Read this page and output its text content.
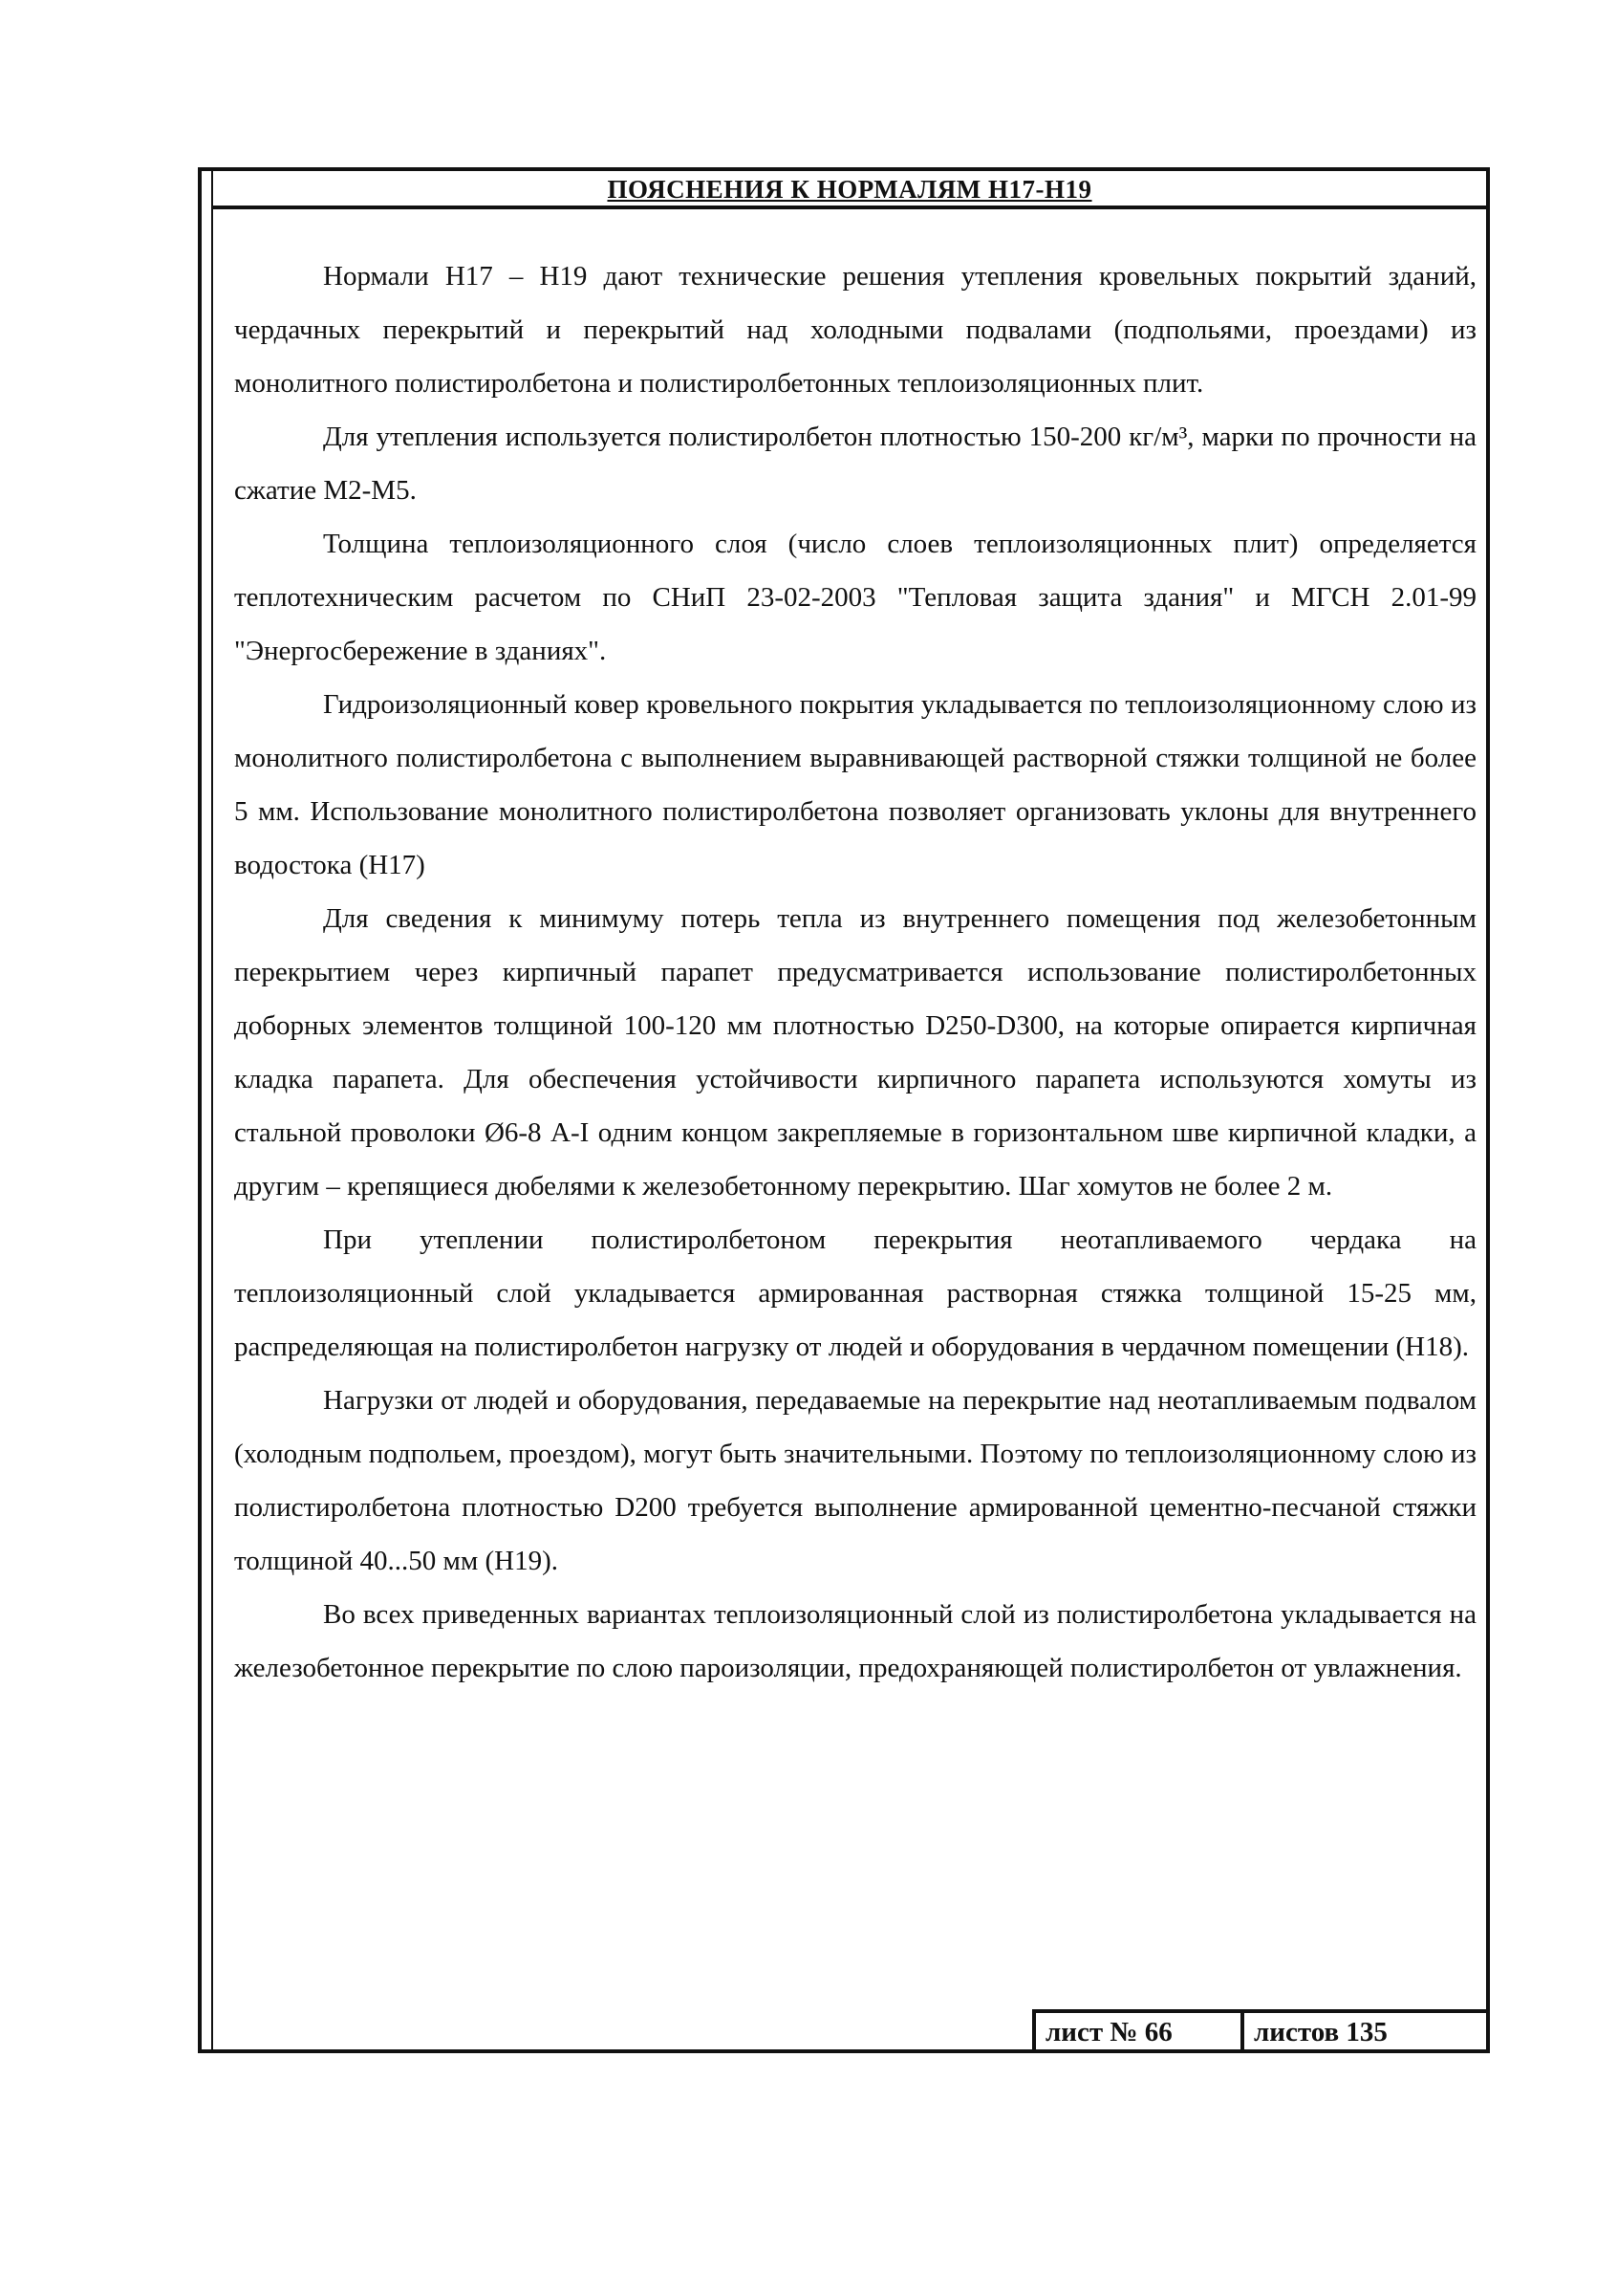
ПОЯСНЕНИЯ К НОРМАЛЯМ Н17-Н19

Нормали Н17 – Н19 дают технические решения утепления кровельных покрытий зданий, чердачных перекрытий и перекрытий над холодными подвалами (подпольями, проездами) из монолитного полистиролбетона и полистиролбетонных теплоизоляционных плит.

Для утепления используется полистиролбетон плотностью 150-200 кг/м³, марки по прочности на сжатие М2-М5.

Толщина теплоизоляционного слоя (число слоев теплоизоляционных плит) определяется теплотехническим расчетом по СНиП 23-02-2003 "Тепловая защита здания" и МГСН 2.01-99 "Энергосбережение в зданиях".

Гидроизоляционный ковер кровельного покрытия укладывается по теплоизоляционному слою из монолитного полистиролбетона с выполнением выравнивающей растворной стяжки толщиной не более 5 мм. Использование монолитного полистиролбетона позволяет организовать уклоны для внутреннего водостока (Н17)

Для сведения к минимуму потерь тепла из внутреннего помещения под железобетонным перекрытием через кирпичный парапет предусматривается использование полистиролбетонных доборных элементов толщиной 100-120 мм плотностью D250-D300, на которые опирается кирпичная кладка парапета. Для обеспечения устойчивости кирпичного парапета используются хомуты из стальной проволоки Ø6-8 А-I одним концом закрепляемые в горизонтальном шве кирпичной кладки, а другим – крепящиеся дюбелями к железобетонному перекрытию. Шаг хомутов не более 2 м.

При утеплении полистиролбетоном перекрытия неотапливаемого чердака на теплоизоляционный слой укладывается армированная растворная стяжка толщиной 15-25 мм, распределяющая на полистиролбетон нагрузку от людей и оборудования в чердачном помещении (Н18).

Нагрузки от людей и оборудования, передаваемые на перекрытие над неотапливаемым подвалом (холодным подпольем, проездом), могут быть значительными. Поэтому по теплоизоляционному слою из полистиролбетона плотностью D200 требуется выполнение армированной цементно-песчаной стяжки толщиной 40...50 мм (Н19).

Во всех приведенных вариантах теплоизоляционный слой из полистиролбетона укладывается на железобетонное перекрытие по слою пароизоляции, предохраняющей полистиролбетон от увлажнения.

лист № 66	листов 135
